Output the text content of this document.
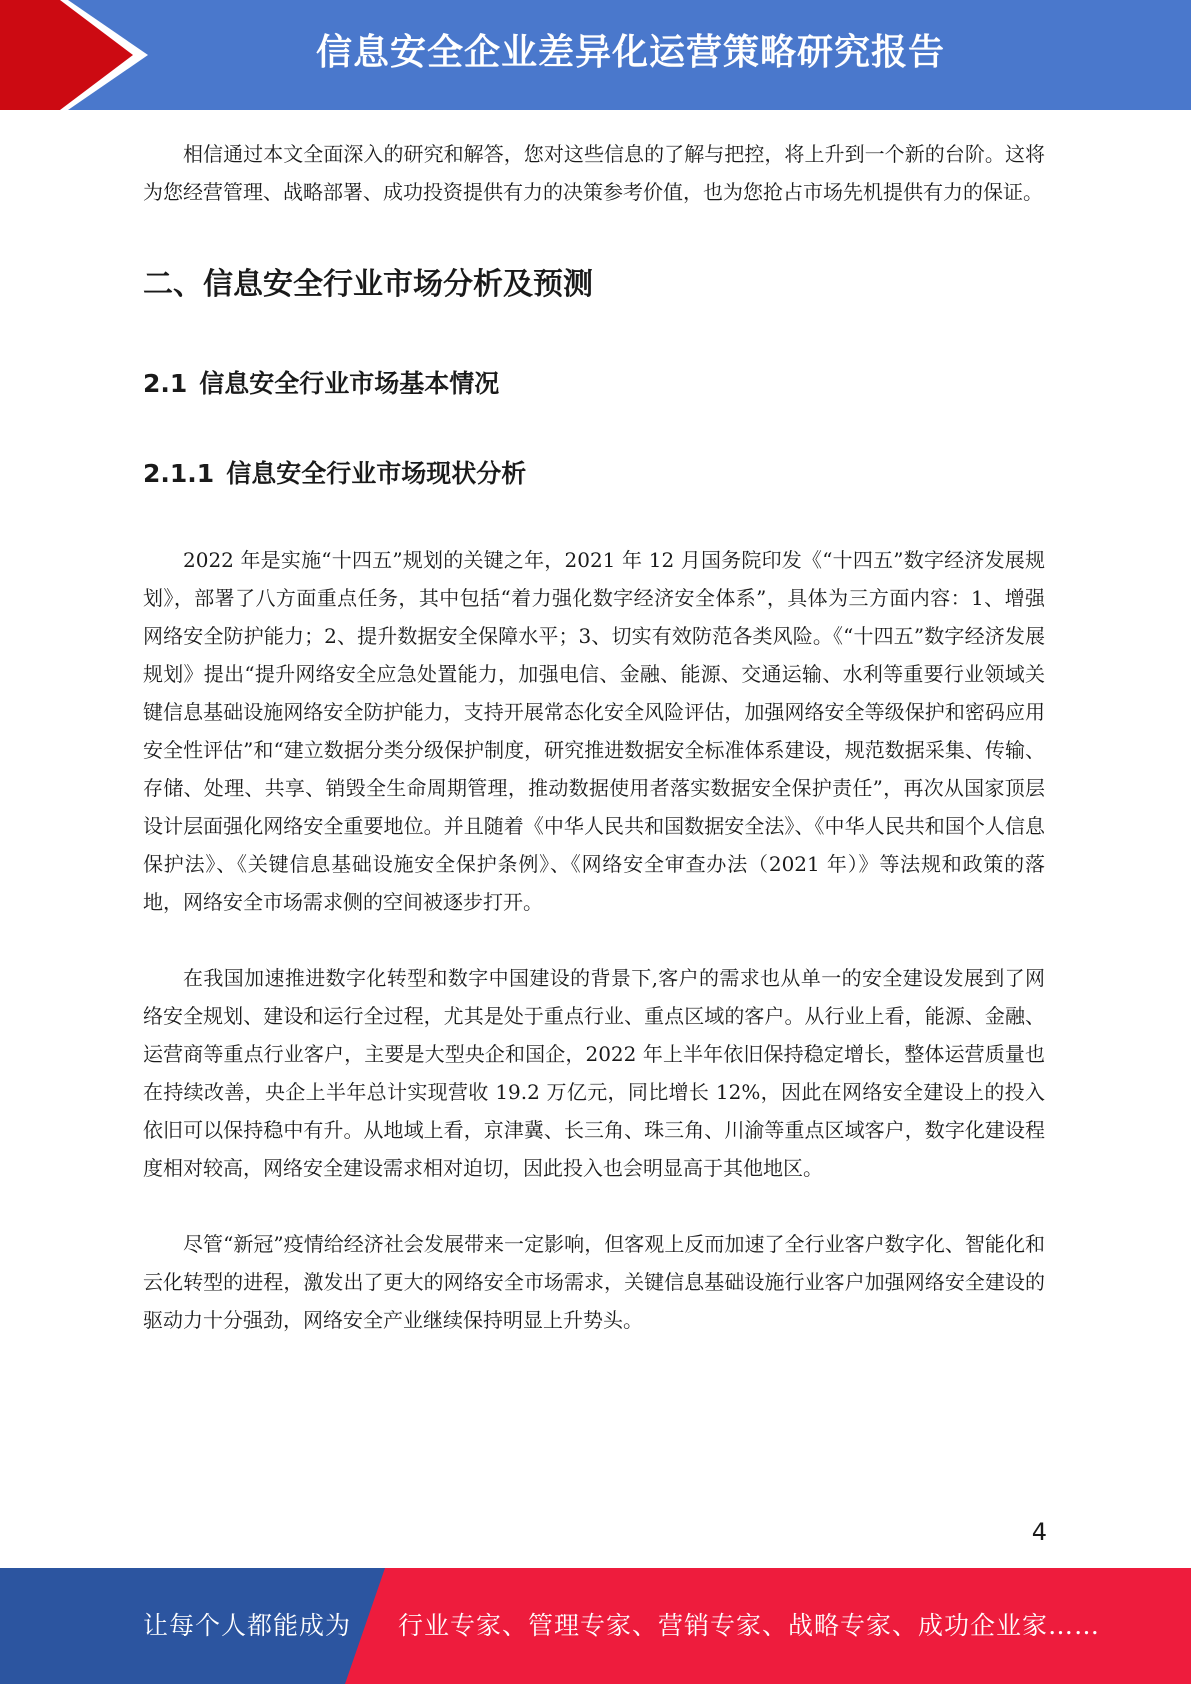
信息安全企业差异化运营策略研究报告

相信通过本文全面深入的研究和解答，您对这些信息的了解与把控，将上升到一个新的台阶。这将为您经营管理、战略部署、成功投资提供有力的决策参考价值，也为您抢占市场先机提供有力的保证。

二、信息安全行业市场分析及预测
2.1 信息安全行业市场基本情况
2.1.1 信息安全行业市场现状分析

2022 年是实施“十四五”规划的关键之年，2021 年 12 月国务院印发《“十四五”数字经济发展规划》，部署了八方面重点任务，其中包括“着力强化数字经济安全体系”，具体为三方面内容：1、增强网络安全防护能力；2、提升数据安全保障水平；3、切实有效防范各类风险。《“十四五”数字经济发展规划》提出“提升网络安全应急处置能力，加强电信、金融、能源、交通运输、水利等重要行业领域关键信息基础设施网络安全防护能力，支持开展常态化安全风险评估，加强网络安全等级保护和密码应用安全性评估”和“建立数据分类分级保护制度，研究推进数据安全标准体系建设，规范数据采集、传输、存储、处理、共享、销毁全生命周期管理，推动数据使用者落实数据安全保护责任”，再次从国家顶层设计层面强化网络安全重要地位。并且随着《中华人民共和国数据安全法》、《中华人民共和国个人信息保护法》、《关键信息基础设施安全保护条例》、《网络安全审查办法（2021 年）》等法规和政策的落地，网络安全市场需求侧的空间被逐步打开。

在我国加速推进数字化转型和数字中国建设的背景下,客户的需求也从单一的安全建设发展到了网络安全规划、建设和运行全过程，尤其是处于重点行业、重点区域的客户。从行业上看，能源、金融、运营商等重点行业客户，主要是大型央企和国企，2022 年上半年依旧保持稳定增长，整体运营质量也在持续改善，央企上半年总计实现营收 19.2 万亿元，同比增长 12%，因此在网络安全建设上的投入依旧可以保持稳中有升。从地域上看，京津冀、长三角、珠三角、川渝等重点区域客户，数字化建设程度相对较高，网络安全建设需求相对迫切，因此投入也会明显高于其他地区。

尽管“新冠”疫情给经济社会发展带来一定影响，但客观上反而加速了全行业客户数字化、智能化和云化转型的进程，激发出了更大的网络安全市场需求，关键信息基础设施行业客户加强网络安全建设的驱动力十分强劲，网络安全产业继续保持明显上升势头。

4
让每个人都能成为 行业专家、管理专家、营销专家、战略专家、成功企业家……
